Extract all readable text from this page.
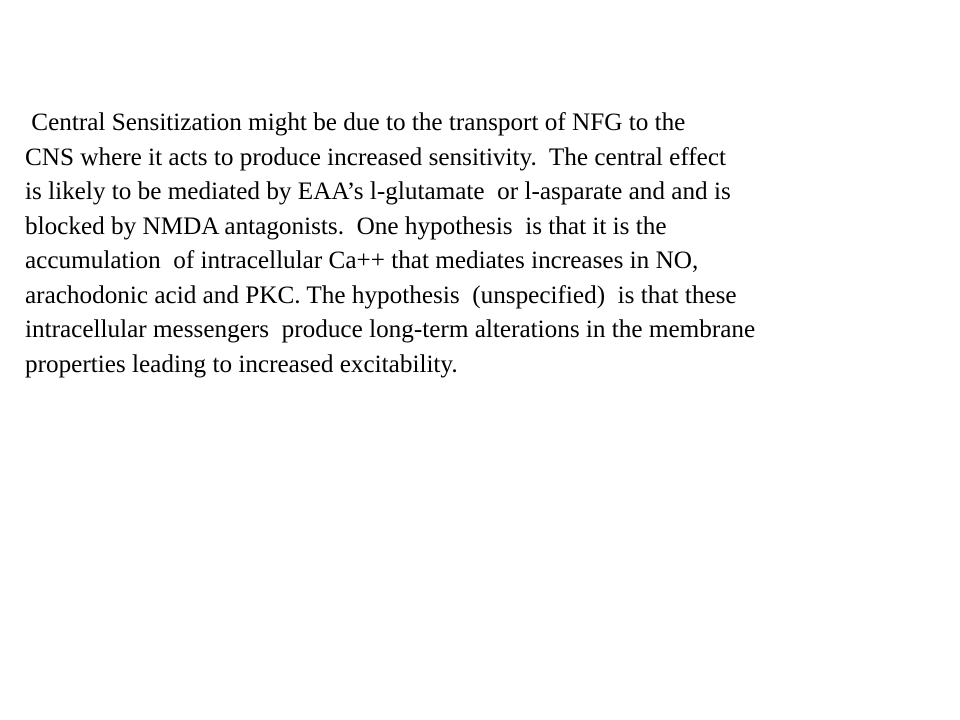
Central Sensitization might be due to the transport of NFG to the
CNS where it acts to produce increased sensitivity.  The central effect
is likely to be mediated by EAA’s l-glutamate  or l-asparate and and is
blocked by NMDA antagonists.  One hypothesis  is that it is the
accumulation  of intracellular Ca++ that mediates increases in NO,
arachodonic acid and PKC. The hypothesis  (unspecified)  is that these
intracellular messengers  produce long-term alterations in the membrane
properties leading to increased excitability.
